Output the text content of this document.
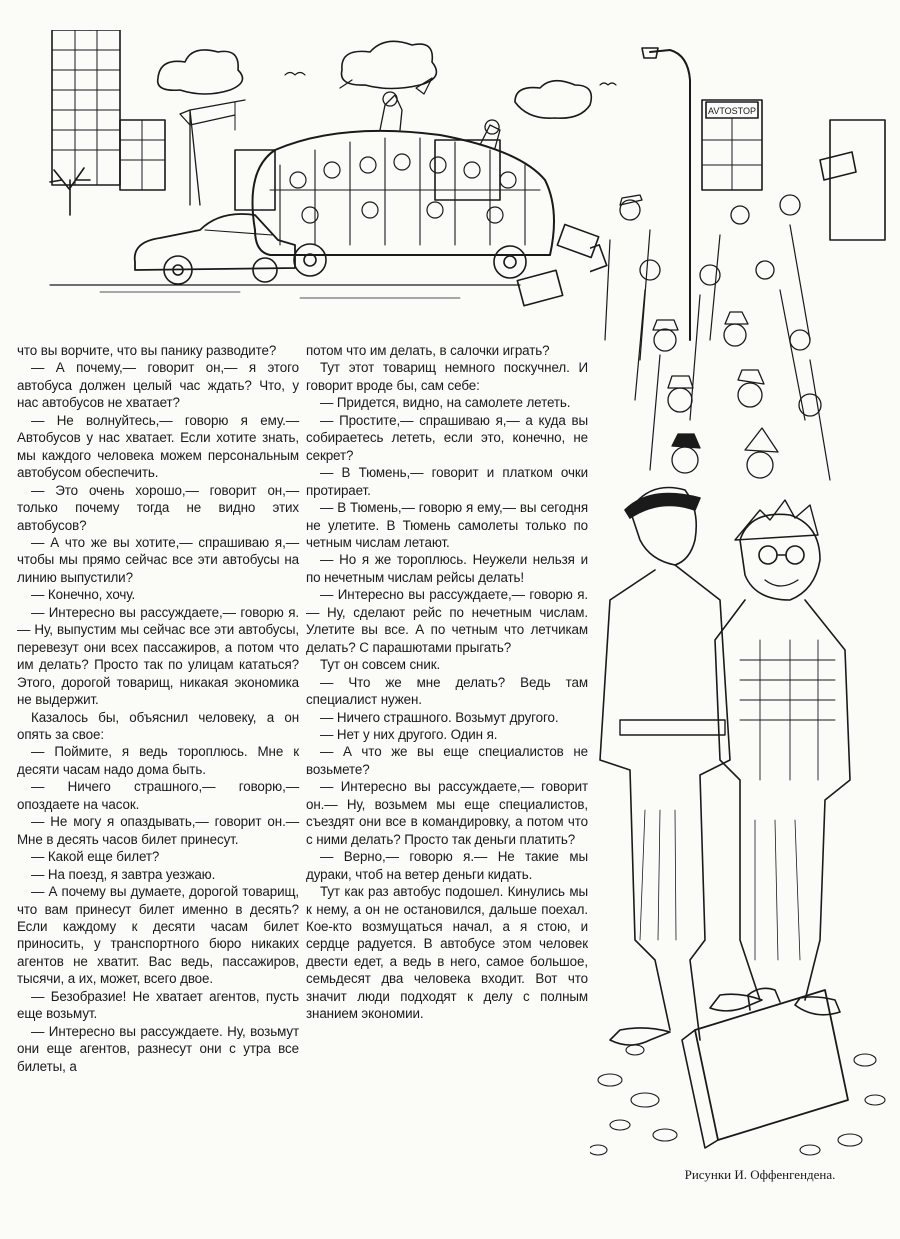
AVTOSTOP

что вы ворчите, что вы панику разводите?

— А почему,— говорит он,— я этого автобуса должен целый час ждать? Что, у нас автобусов не хватает?

— Не волнуйтесь,— говорю я ему.— Автобусов у нас хватает. Если хотите знать, мы каждого человека можем персональным автобусом обеспечить.

— Это очень хорошо,— говорит он,— только почему тогда не видно этих автобусов?

— А что же вы хотите,— спрашиваю я,— чтобы мы прямо сейчас все эти автобусы на линию выпустили?

— Конечно, хочу.

— Интересно вы рассуждаете,— говорю я.— Ну, выпустим мы сейчас все эти автобусы, перевезут они всех пассажиров, а потом что им делать? Просто так по улицам кататься? Этого, дорогой товарищ, никакая экономика не выдержит.

Казалось бы, объяснил человеку, а он опять за свое:

— Поймите, я ведь тороплюсь. Мне к десяти часам надо дома быть.

— Ничего страшного,— говорю,— опоздаете на часок.

— Не могу я опаздывать,— говорит он.— Мне в десять часов билет принесут.

— Какой еще билет?

— На поезд, я завтра уезжаю.

— А почему вы думаете, дорогой товарищ, что вам принесут билет именно в десять? Если каждому к десяти часам билет приносить, у транспортного бюро никаких агентов не хватит. Вас ведь, пассажиров, тысячи, а их, может, всего двое.

— Безобразие! Не хватает агентов, пусть еще возьмут.

— Интересно вы рассуждаете. Ну, возьмут они еще агентов, разнесут они с утра все билеты, а

потом что им делать, в салочки играть?

Тут этот товарищ немного поскучнел. И говорит вроде бы, сам себе:

— Придется, видно, на самолете лететь.

— Простите,— спрашиваю я,— а куда вы собираетесь лететь, если это, конечно, не секрет?

— В Тюмень,— говорит и платком очки протирает.

— В Тюмень,— говорю я ему,— вы сегодня не улетите. В Тюмень самолеты только по четным числам летают.

— Но я же тороплюсь. Неужели нельзя и по нечетным числам рейсы делать!

— Интересно вы рассуждаете,— говорю я.— Ну, сделают рейс по нечетным числам. Улетите вы все. А по четным что летчикам делать? С парашютами прыгать?

Тут он совсем сник.

— Что же мне делать? Ведь там специалист нужен.

— Ничего страшного. Возьмут другого.

— Нет у них другого. Один я.

— А что же вы еще специалистов не возьмете?

— Интересно вы рассуждаете,— говорит он.— Ну, возьмем мы еще специалистов, съездят они все в командировку, а потом что с ними делать? Просто так деньги платить?

— Верно,— говорю я.— Не такие мы дураки, чтоб на ветер деньги кидать.

Тут как раз автобус подошел. Кинулись мы к нему, а он не остановился, дальше поехал. Кое-кто возмущаться начал, а я стою, и сердце радуется. В автобусе этом человек двести едет, а ведь в него, самое большое, семьдесят два человека входит. Вот что значит люди подходят к делу с полным знанием экономии.

Рисунки И. Оффенгендена.
